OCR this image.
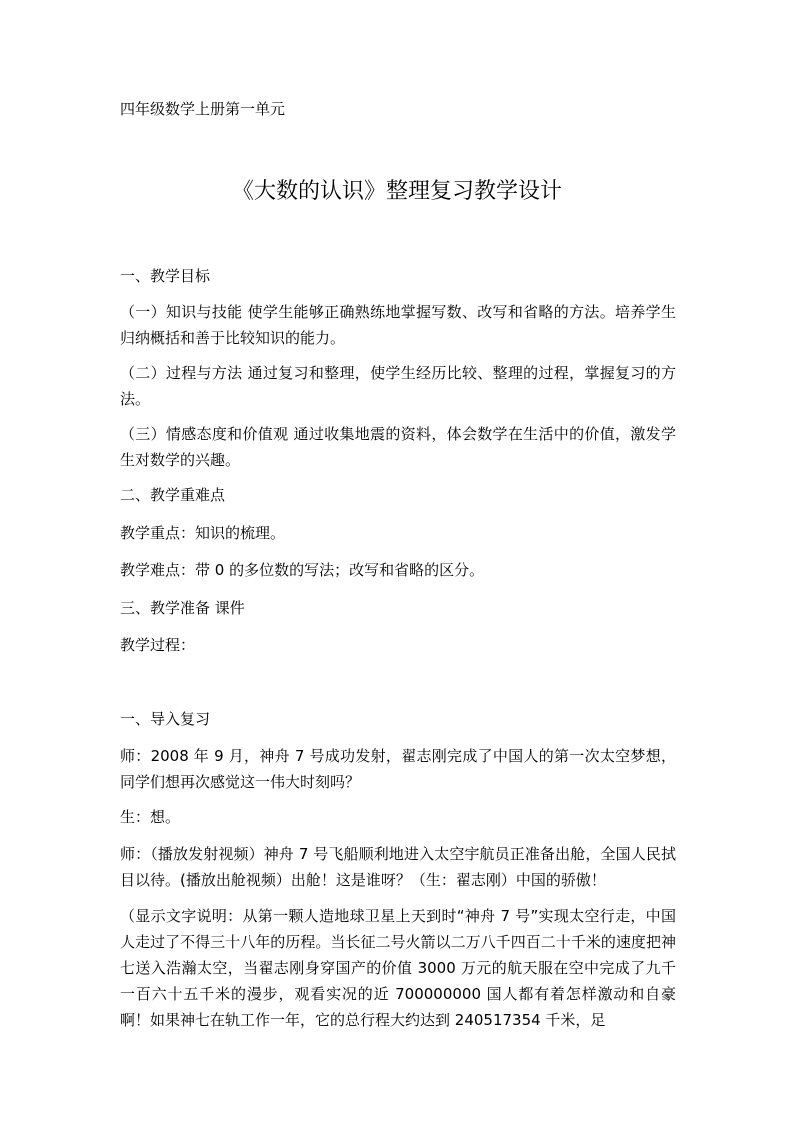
四年级数学上册第一单元
《大数的认识》整理复习教学设计
一、教学目标
（一）知识与技能 使学生能够正确熟练地掌握写数、改写和省略的方法。培养学生归纳概括和善于比较知识的能力。
（二）过程与方法 通过复习和整理，使学生经历比较、整理的过程，掌握复习的方法。
（三）情感态度和价值观 通过收集地震的资料，体会数学在生活中的价值，激发学生对数学的兴趣。
二、教学重难点
教学重点：知识的梳理。
教学难点：带 0 的多位数的写法；改写和省略的区分。
三、教学准备 课件
教学过程：
一、导入复习
师：2008 年 9 月，神舟 7 号成功发射，翟志刚完成了中国人的第一次太空梦想，同学们想再次感觉这一伟大时刻吗？
生：想。
师：（播放发射视频）神舟 7 号飞船顺利地进入太空宇航员正准备出舱，全国人民拭目以待。(播放出舱视频）出舱！这是谁呀？（生：翟志刚）中国的骄傲！
（显示文字说明：从第一颗人造地球卫星上天到时“神舟 7 号”实现太空行走，中国人走过了不得三十八年的历程。当长征二号火箭以二万八千四百二十千米的速度把神七送入浩瀚太空，当翟志刚身穿国产的价值 3000 万元的航天服在空中完成了九千一百六十五千米的漫步，观看实况的近 700000000 国人都有着怎样激动和自豪啊！如果神七在轨工作一年，它的总行程大约达到 240517354 千米，足
